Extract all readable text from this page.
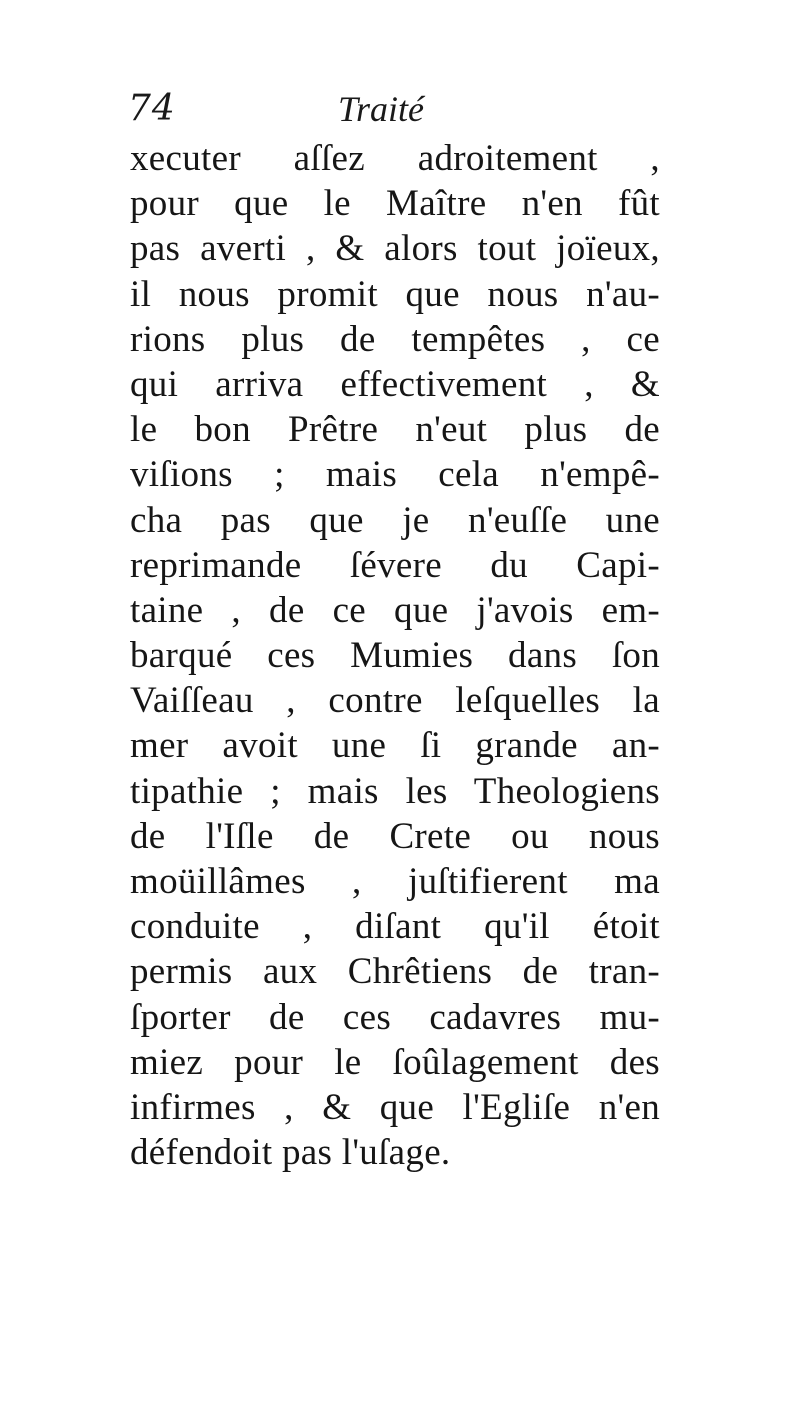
74	Traité
xecuter aſſez adroitement ,
pour que le Maître n'en fût
pas averti , & alors tout joïeux,
il nous promit que nous n'au-
rions plus de tempêtes , ce
qui arriva effectivement , &
le bon Prêtre n'eut plus de
viſions ; mais cela n'empê-
cha pas que je n'euſſe une
reprimande ſévere du Capi-
taine , de ce que j'avois em-
barqué ces Mumies dans ſon
Vaiſſeau , contre leſquelles la
mer avoit une ſi grande an-
tipathie ; mais les Theologiens
de l'Iſle de Crete ou nous
moüillâmes , juſtifierent ma
conduite , diſant qu'il étoit
permis aux Chrêtiens de tran-
ſporter de ces cadavres mu-
miez pour le ſoûlagement des
infirmes , & que l'Egliſe n'en
défendoit pas l'uſage.
